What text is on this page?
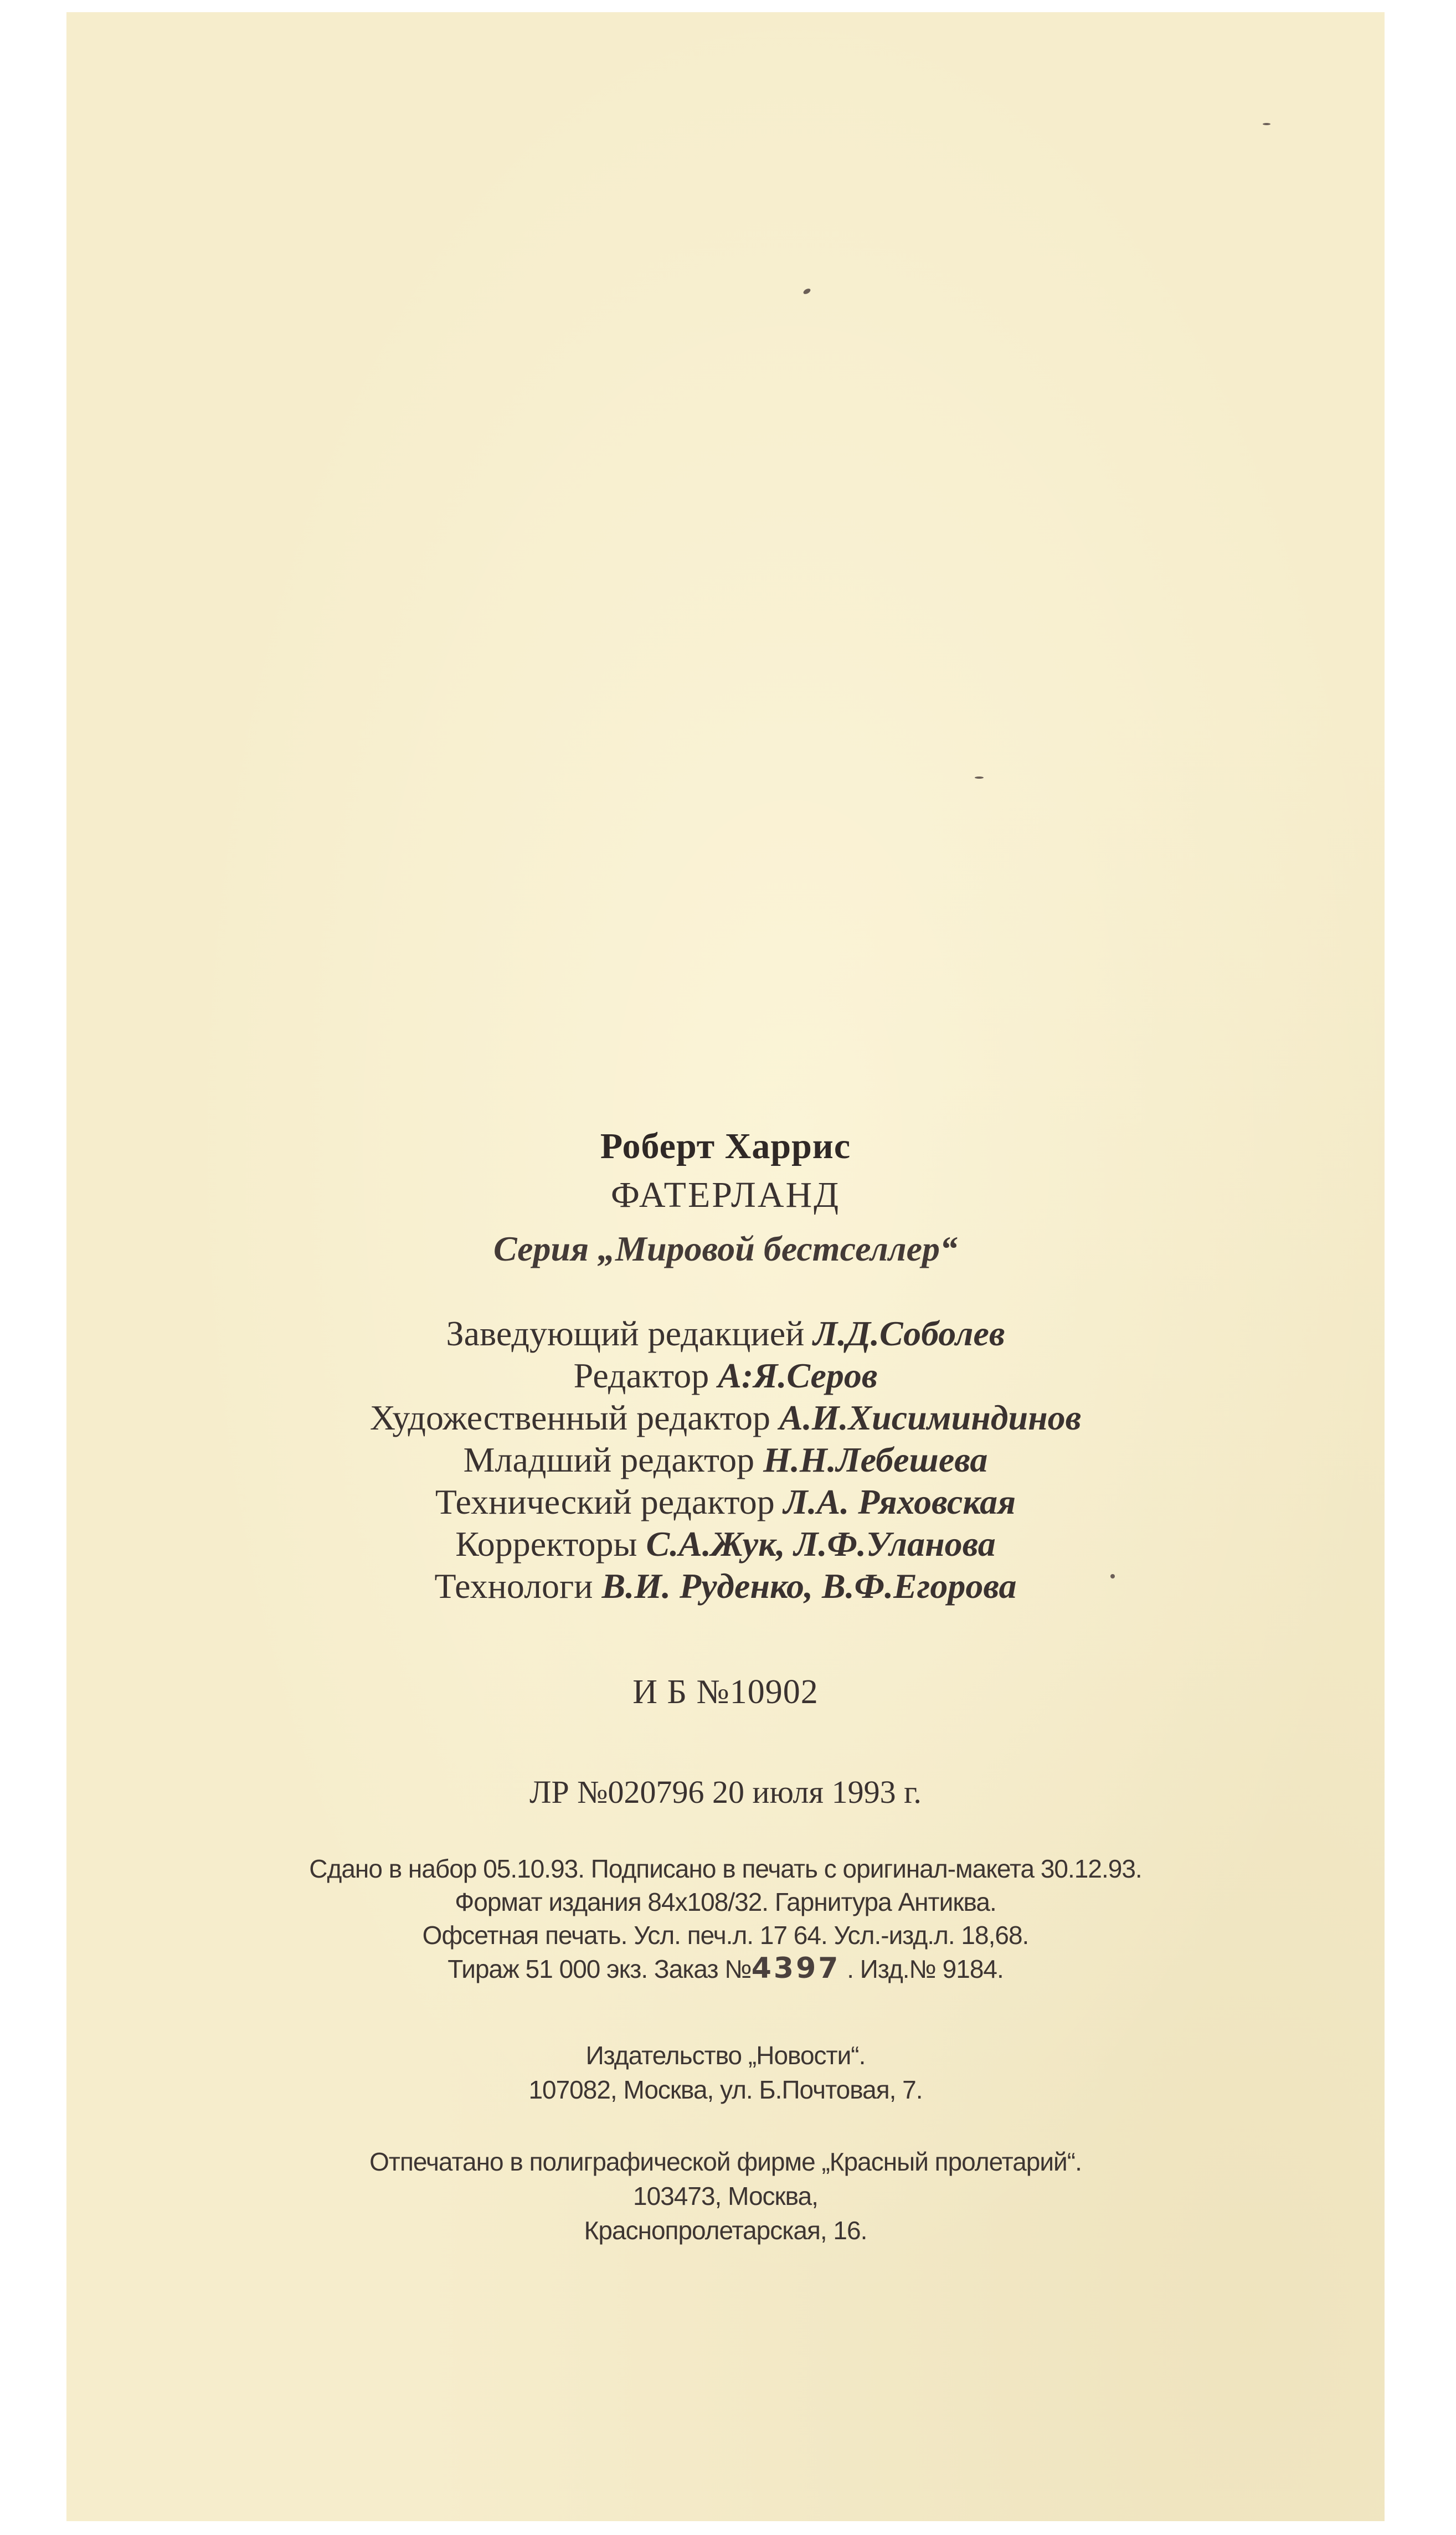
Роберт Харрис
ФАТЕРЛАНД
Серия „Мировой бестселлер“
Заведующий редакцией Л.Д.Соболев
Редактор А:Я.Серов
Художественный редактор А.И.Хисиминдинов
Младший редактор Н.Н.Лебешева
Технический редактор Л.А. Ряховская
Корректоры С.А.Жук, Л.Ф.Уланова
Технологи В.И. Руденко, В.Ф.Егорова
И Б №10902
ЛР №020796 20 июля 1993 г.
Сдано в набор 05.10.93. Подписано в печать с оригинал-макета 30.12.93.
Формат издания 84х108/32. Гарнитура Антиква.
Офсетная печать. Усл. печ.л. 17 64. Усл.-изд.л. 18,68.
Тираж 51 000 экз. Заказ №4397 . Изд.№ 9184.
Издательство „Новости“.
107082, Москва, ул. Б.Почтовая, 7.
Отпечатано в полиграфической фирме „Красный пролетарий“.
103473, Москва,
Краснопролетарская, 16.
